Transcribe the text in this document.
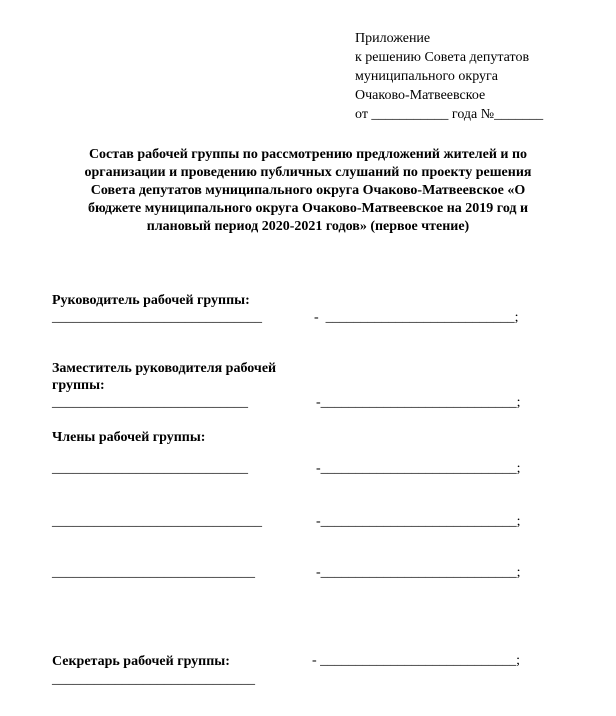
Приложение
к решению Совета депутатов
муниципального округа
Очаково-Матвеевское
от ___________ года №_______
Состав рабочей группы по рассмотрению предложений жителей и по
организации и проведению публичных слушаний по проекту решения
Совета депутатов муниципального округа Очаково-Матвеевское «О
бюджете муниципального округа Очаково-Матвеевское на 2019 год и
плановый период 2020-2021 годов» (первое чтение)
Руководитель рабочей группы:
______________________________	-  ___________________________;
Заместитель руководителя рабочей
группы:
____________________________	-____________________________;
Члены рабочей группы:
____________________________	-____________________________;
______________________________	-____________________________;
_____________________________	-____________________________;
Секретарь рабочей группы:	- ____________________________;
_____________________________
